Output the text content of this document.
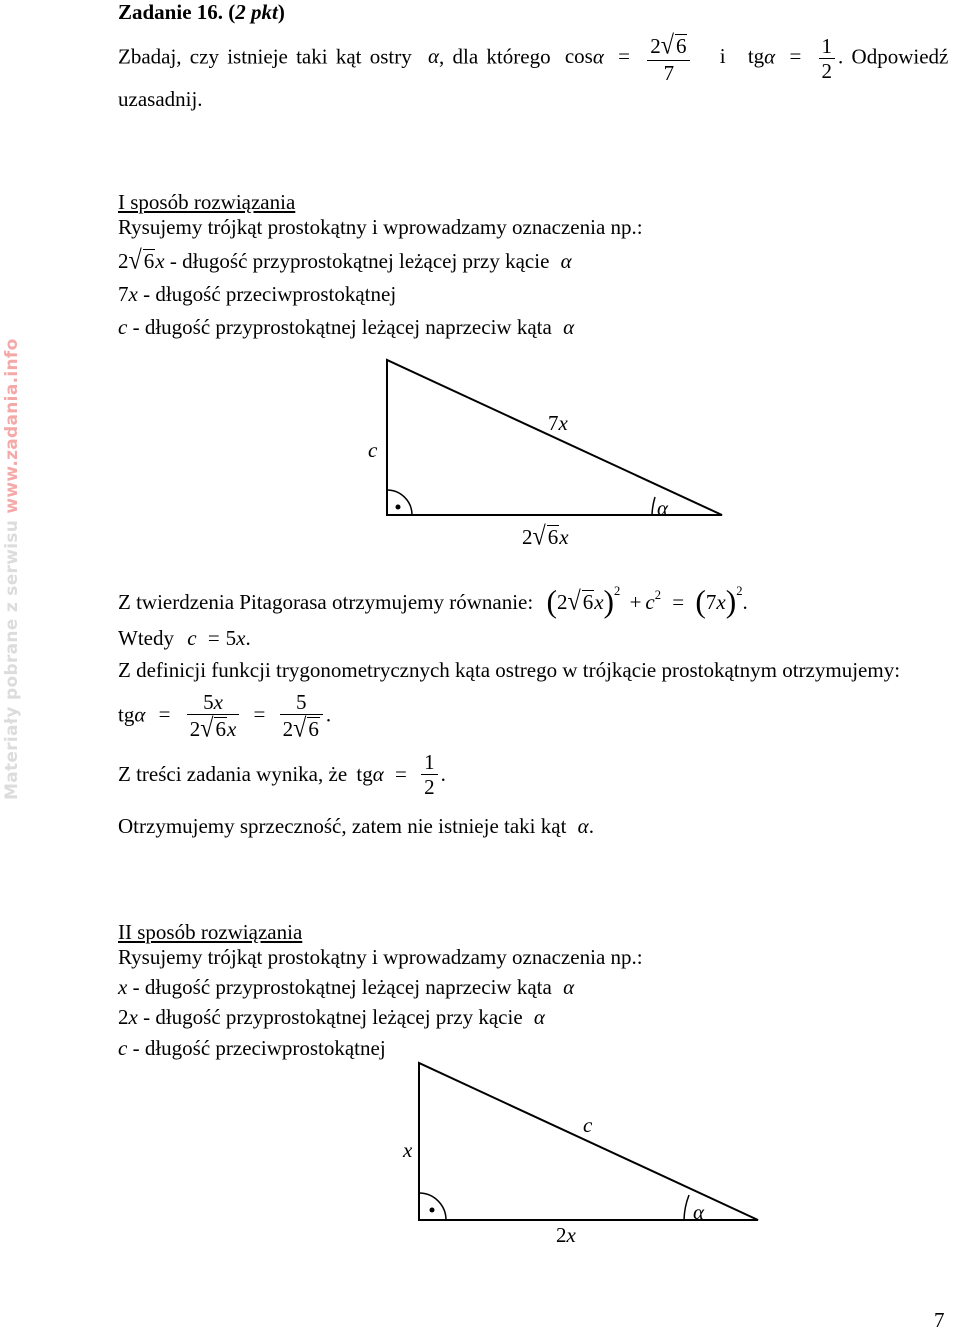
Materiały pobrane z serwisu www.zadania.info
Zadanie 16. (2 pkt)
Zbadaj, czy istnieje taki kąt ostry α, dla którego $\cos\alpha = \frac{2√6}{7}$ i $tg\alpha = \frac{1}{2}$ . Odpowiedź
uzasadnij.
I sposób rozwiązania
Rysujemy trójkąt prostokątny i wprowadzamy oznaczenia np.:
2√6x - długość przyprostokątnej leżącej przy kącie α
7x - długość przeciwprostokątnej
c - długość przyprostokątnej leżącej naprzeciw kąta α
c
7x
α
2√6x
Z twierdzenia Pitagorasa otrzymujemy równanie: $(2√6x)^2 + c^2 = (7x)^2$.
Wtedy c = 5x.
Z definicji funkcji trygonometrycznych kąta ostrego w trójkącie prostokątnym otrzymujemy:
$tg\alpha = \frac{5x}{2√6x} = \frac{5}{2√6}$ .
Z treści zadania wynika, że $tg\alpha = \frac{1}{2}$ .
Otrzymujemy sprzeczność, zatem nie istnieje taki kąt α.
II sposób rozwiązania
Rysujemy trójkąt prostokątny i wprowadzamy oznaczenia np.:
x - długość przyprostokątnej leżącej naprzeciw kąta α
2x - długość przyprostokątnej leżącej przy kącie α
c - długość przeciwprostokątnej
x
c
α
2x
7
